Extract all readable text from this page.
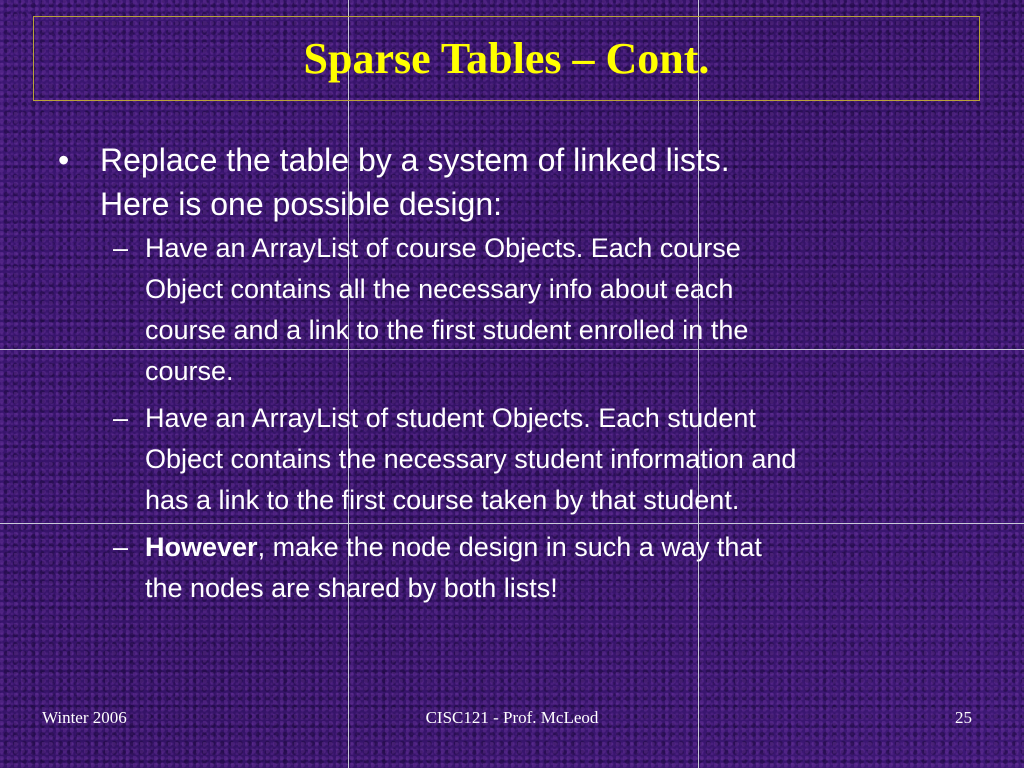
Sparse Tables – Cont.
• Replace the table by a system of linked lists.
Here is one possible design:
– Have an ArrayList of course Objects. Each course
Object contains all the necessary info about each
course and a link to the first student enrolled in the
course.
– Have an ArrayList of student Objects. Each student
Object contains the necessary student information and
has a link to the first course taken by that student.
– However, make the node design in such a way that
the nodes are shared by both lists!
Winter 2006	CISC121 - Prof. McLeod	25
